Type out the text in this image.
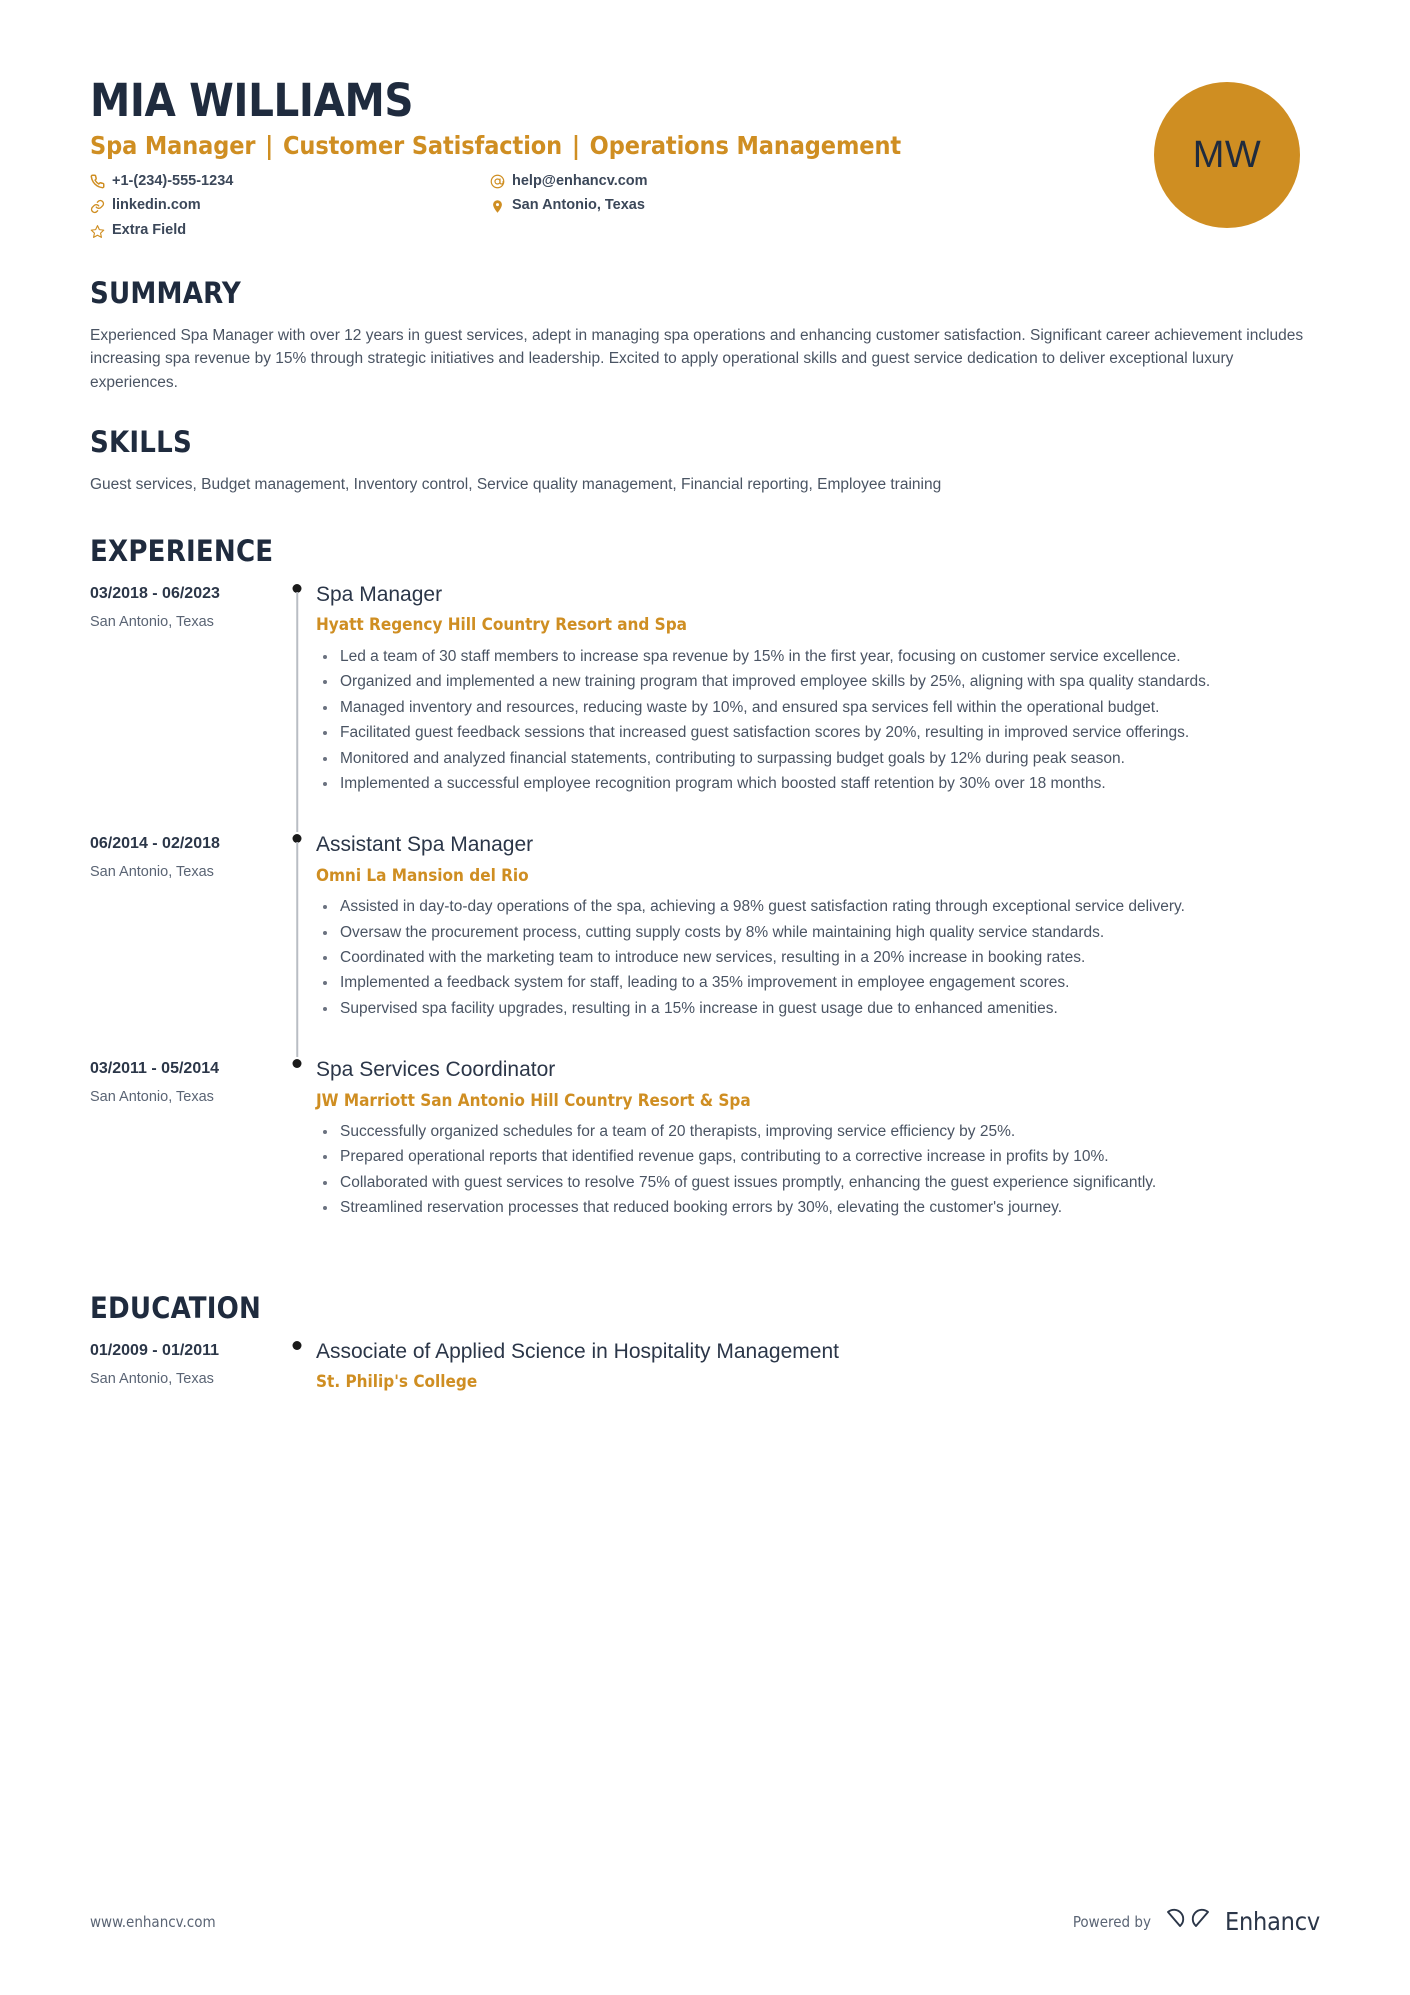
MIA WILLIAMS
Spa Manager | Customer Satisfaction | Operations Management
+1-(234)-555-1234	help@enhancv.com
linkedin.com	San Antonio, Texas
Extra Field
MW
SUMMARY

Experienced Spa Manager with over 12 years in guest services, adept in managing spa operations and enhancing customer satisfaction. Significant career achievement includes increasing spa revenue by 15% through strategic initiatives and leadership. Excited to apply operational skills and guest service dedication to deliver exceptional luxury experiences.

SKILLS

Guest services, Budget management, Inventory control, Service quality management, Financial reporting, Employee training

EXPERIENCE
03/2018 - 06/2023
San Antonio, Texas
Spa Manager
Hyatt Regency Hill Country Resort and Spa
Led a team of 30 staff members to increase spa revenue by 15% in the first year, focusing on customer service excellence.
Organized and implemented a new training program that improved employee skills by 25%, aligning with spa quality standards.
Managed inventory and resources, reducing waste by 10%, and ensured spa services fell within the operational budget.
Facilitated guest feedback sessions that increased guest satisfaction scores by 20%, resulting in improved service offerings.
Monitored and analyzed financial statements, contributing to surpassing budget goals by 12% during peak season.
Implemented a successful employee recognition program which boosted staff retention by 30% over 18 months.
06/2014 - 02/2018
San Antonio, Texas
Assistant Spa Manager
Omni La Mansion del Rio
Assisted in day-to-day operations of the spa, achieving a 98% guest satisfaction rating through exceptional service delivery.
Oversaw the procurement process, cutting supply costs by 8% while maintaining high quality service standards.
Coordinated with the marketing team to introduce new services, resulting in a 20% increase in booking rates.
Implemented a feedback system for staff, leading to a 35% improvement in employee engagement scores.
Supervised spa facility upgrades, resulting in a 15% increase in guest usage due to enhanced amenities.
03/2011 - 05/2014
San Antonio, Texas
Spa Services Coordinator
JW Marriott San Antonio Hill Country Resort & Spa
Successfully organized schedules for a team of 20 therapists, improving service efficiency by 25%.
Prepared operational reports that identified revenue gaps, contributing to a corrective increase in profits by 10%.
Collaborated with guest services to resolve 75% of guest issues promptly, enhancing the guest experience significantly.
Streamlined reservation processes that reduced booking errors by 30%, elevating the customer's journey.
EDUCATION
01/2009 - 01/2011
San Antonio, Texas
Associate of Applied Science in Hospitality Management
St. Philip's College
www.enhancv.com	Powered by	Enhancv
